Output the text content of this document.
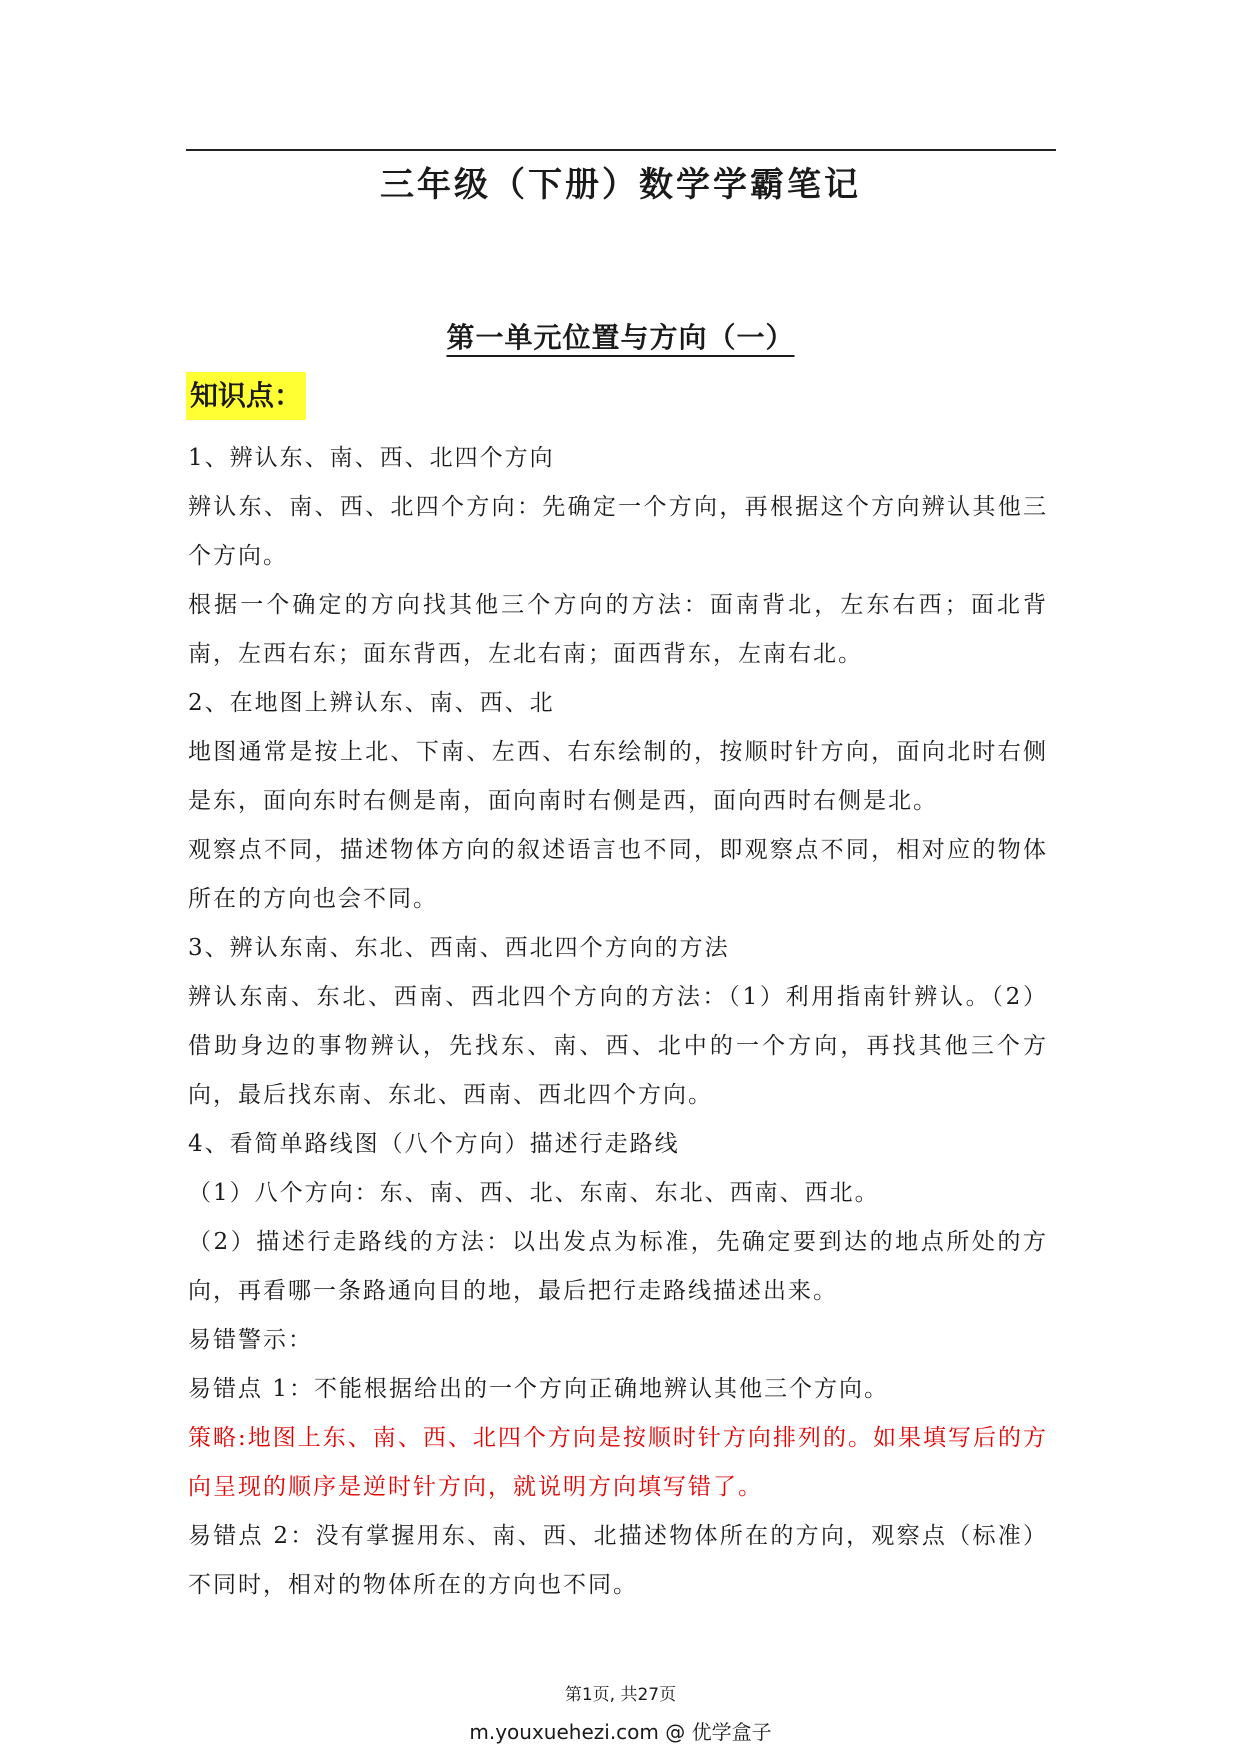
三年级（下册）数学学霸笔记
第一单元位置与方向（一）
知识点：

1、辨认东、南、西、北四个方向

辨认东、南、西、北四个方向：先确定一个方向，再根据这个方向辨认其他三个方向。

根据一个确定的方向找其他三个方向的方法：面南背北，左东右西；面北背南，左西右东；面东背西，左北右南；面西背东，左南右北。

2、在地图上辨认东、南、西、北

地图通常是按上北、下南、左西、右东绘制的，按顺时针方向，面向北时右侧是东，面向东时右侧是南，面向南时右侧是西，面向西时右侧是北。

观察点不同，描述物体方向的叙述语言也不同，即观察点不同，相对应的物体所在的方向也会不同。

3、辨认东南、东北、西南、西北四个方向的方法

辨认东南、东北、西南、西北四个方向的方法：（1）利用指南针辨认。（2）借助身边的事物辨认，先找东、南、西、北中的一个方向，再找其他三个方向，最后找东南、东北、西南、西北四个方向。

4、看简单路线图（八个方向）描述行走路线

（1）八个方向：东、南、西、北、东南、东北、西南、西北。

（2）描述行走路线的方法：以出发点为标准，先确定要到达的地点所处的方向，再看哪一条路通向目的地，最后把行走路线描述出来。

易错警示：

易错点 1：不能根据给出的一个方向正确地辨认其他三个方向。

策略:地图上东、南、西、北四个方向是按顺时针方向排列的。如果填写后的方向呈现的顺序是逆时针方向，就说明方向填写错了。

易错点 2：没有掌握用东、南、西、北描述物体所在的方向，观察点（标准）不同时，相对的物体所在的方向也不同。

第1页, 共27页
m.youxuehezi.com @ 优学盒子
